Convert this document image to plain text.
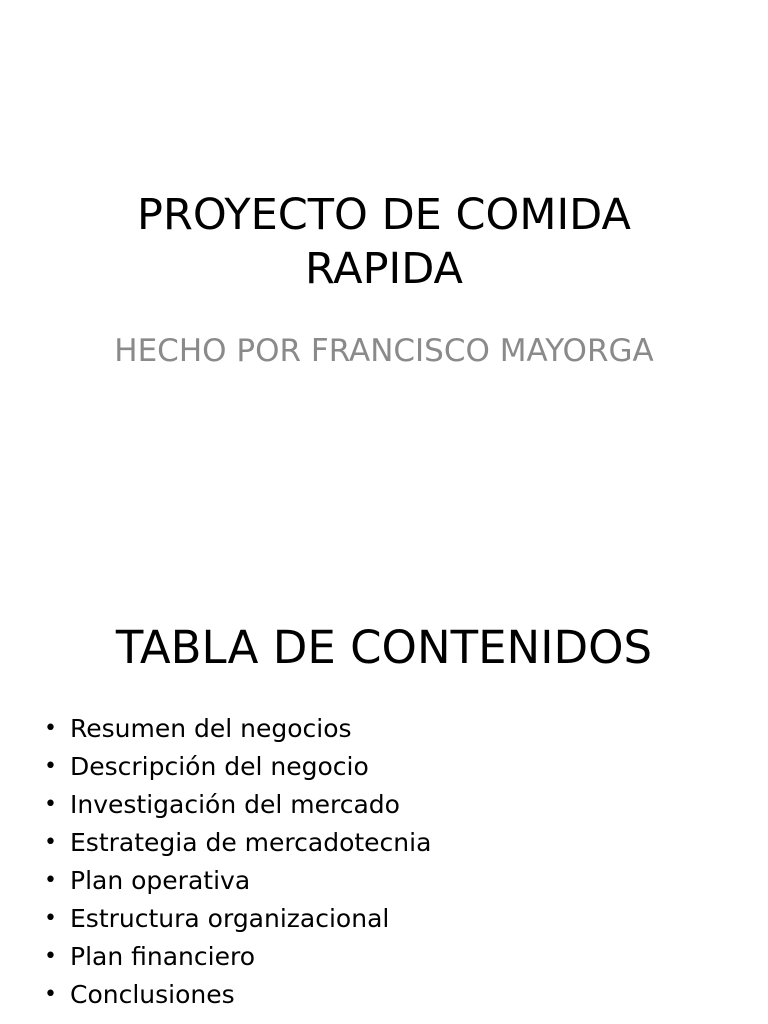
PROYECTO DE COMIDA RAPIDA
HECHO POR FRANCISCO MAYORGA
TABLA DE CONTENIDOS
• Resumen del negocios
• Descripción del negocio
• Investigación del mercado
• Estrategia de mercadotecnia
• Plan operativa
• Estructura organizacional
• Plan financiero
• Conclusiones
